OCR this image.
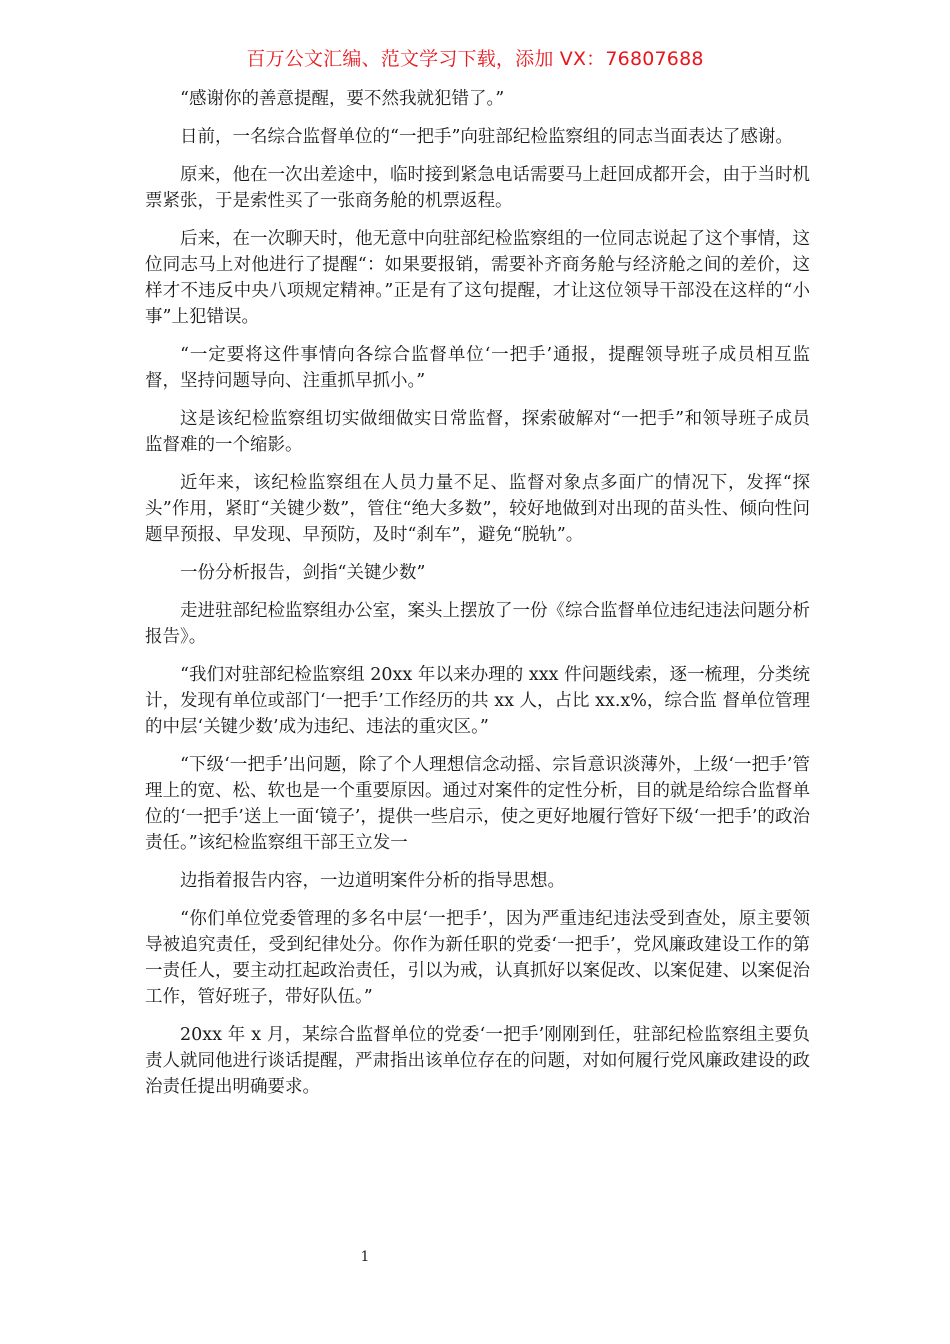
百万公文汇编、范文学习下载，添加 VX：76807688

“感谢你的善意提醒，要不然我就犯错了。”

日前，一名综合监督单位的“一把手”向驻部纪检监察组的同志当面表达了感谢。

原来，他在一次出差途中，临时接到紧急电话需要马上赶回成都开会，由于当时机票紧张，于是索性买了一张商务舱的机票返程。

后来，在一次聊天时，他无意中向驻部纪检监察组的一位同志说起了这个事情，这位同志马上对他进行了提醒“：如果要报销，需要补齐商务舱与经济舱之间的差价，这样才不违反中央八项规定精神。”正是有了这句提醒，才让这位领导干部没在这样的“小事”上犯错误。

“一定要将这件事情向各综合监督单位‘一把手’通报，提醒领导班子成员相互监督，坚持问题导向、注重抓早抓小。”

这是该纪检监察组切实做细做实日常监督，探索破解对“一把手”和领导班子成员监督难的一个缩影。

近年来，该纪检监察组在人员力量不足、监督对象点多面广的情况下，发挥“探头”作用，紧盯“关键少数”，管住“绝大多数”，较好地做到对出现的苗头性、倾向性问题早预报、早发现、早预防，及时“刹车”，避免“脱轨”。

一份分析报告，剑指“关键少数”

走进驻部纪检监察组办公室，案头上摆放了一份《综合监督单位违纪违法问题分析报告》。

“我们对驻部纪检监察组 20xx 年以来办理的 xxx 件问题线索，逐一梳理，分类统计，发现有单位或部门‘一把手’工作经历的共 xx 人，占比 xx.x%，综合监 督单位管理的中层‘关键少数’成为违纪、违法的重灾区。”

“下级‘一把手’出问题，除了个人理想信念动摇、宗旨意识淡薄外，上级‘一把手’管理上的宽、松、软也是一个重要原因。通过对案件的定性分析，目的就是给综合监督单位的‘一把手’送上一面‘镜子’，提供一些启示，使之更好地履行管好下级‘一把手’的政治责任。”该纪检监察组干部王立发一

边指着报告内容，一边道明案件分析的指导思想。

“你们单位党委管理的多名中层‘一把手’，因为严重违纪违法受到查处，原主要领导被追究责任，受到纪律处分。你作为新任职的党委‘一把手’，党风廉政建设工作的第一责任人，要主动扛起政治责任，引以为戒，认真抓好以案促改、以案促建、以案促治工作，管好班子，带好队伍。”

20xx 年 x 月，某综合监督单位的党委‘一把手’刚刚到任，驻部纪检监察组主要负责人就同他进行谈话提醒，严肃指出该单位存在的问题，对如何履行党风廉政建设的政治责任提出明确要求。

1
